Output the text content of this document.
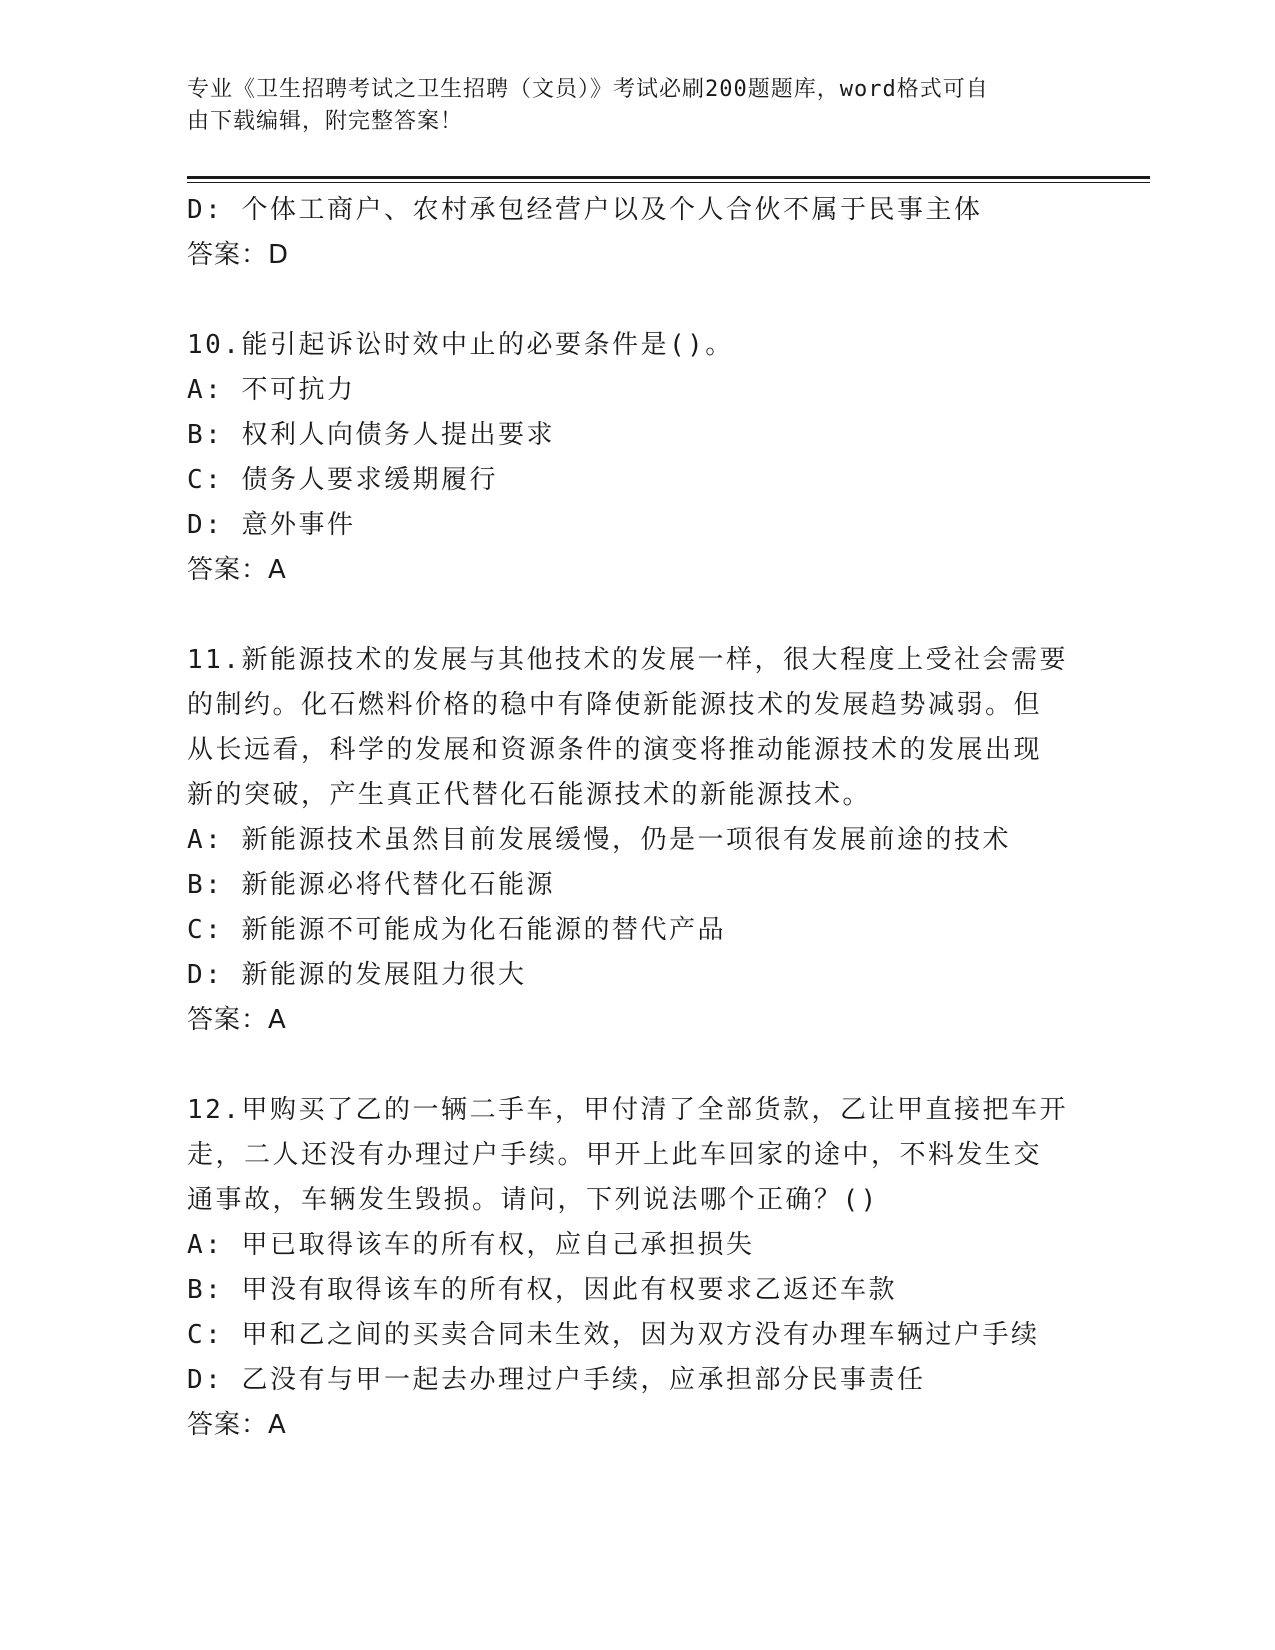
专业《卫生招聘考试之卫生招聘（文员）》考试必刷200题题库，word格式可自
由下载编辑，附完整答案！
D: 个体工商户、农村承包经营户以及个人合伙不属于民事主体
答案：D
10.能引起诉讼时效中止的必要条件是()。
A: 不可抗力
B: 权利人向债务人提出要求
C: 债务人要求缓期履行
D: 意外事件
答案：A
11.新能源技术的发展与其他技术的发展一样，很大程度上受社会需要
的制约。化石燃料价格的稳中有降使新能源技术的发展趋势减弱。但
从长远看，科学的发展和资源条件的演变将推动能源技术的发展出现
新的突破，产生真正代替化石能源技术的新能源技术。
A: 新能源技术虽然目前发展缓慢，仍是一项很有发展前途的技术
B: 新能源必将代替化石能源
C: 新能源不可能成为化石能源的替代产品
D: 新能源的发展阻力很大
答案：A
12.甲购买了乙的一辆二手车，甲付清了全部货款，乙让甲直接把车开
走，二人还没有办理过户手续。甲开上此车回家的途中，不料发生交
通事故，车辆发生毁损。请问，下列说法哪个正确？()
A: 甲已取得该车的所有权，应自己承担损失
B: 甲没有取得该车的所有权，因此有权要求乙返还车款
C: 甲和乙之间的买卖合同未生效，因为双方没有办理车辆过户手续
D: 乙没有与甲一起去办理过户手续，应承担部分民事责任
答案：A
